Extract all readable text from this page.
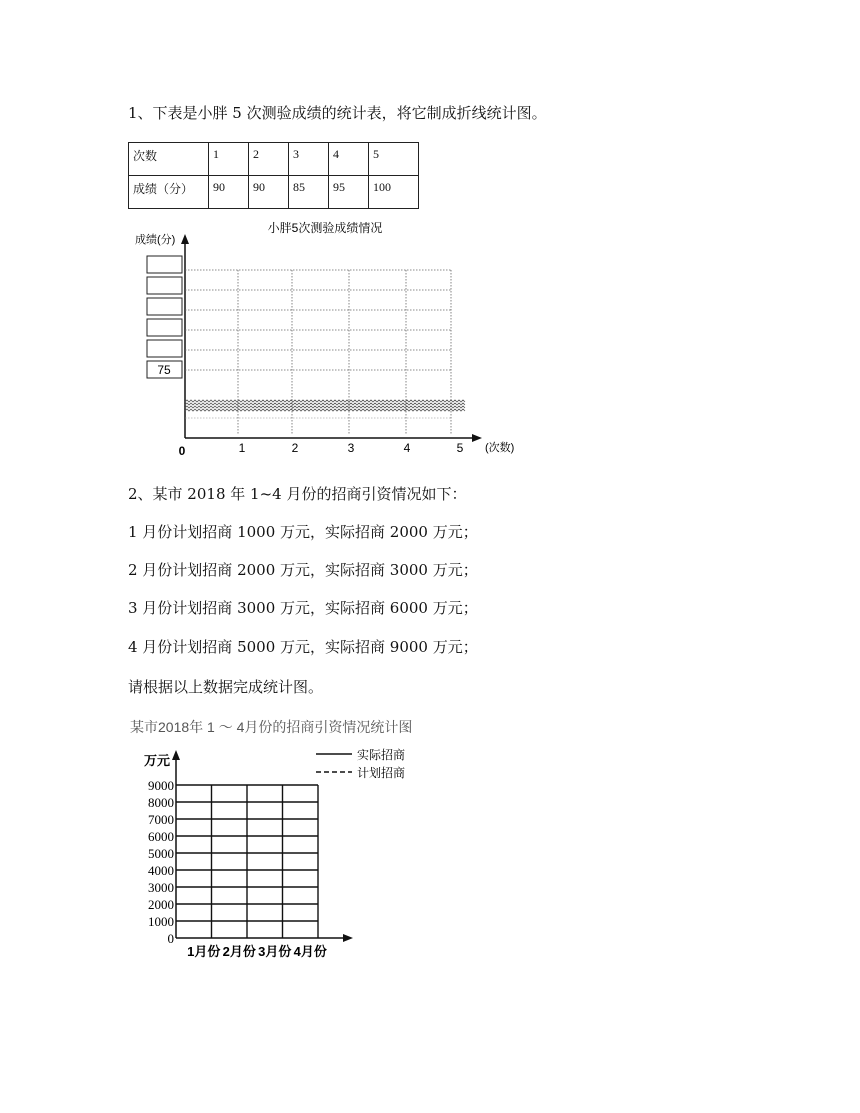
1、下表是小胖 5 次测验成绩的统计表，将它制成折线统计图。
次数	1	2	3	4	5
成绩（分）	90	90	85	95	100
小胖5次测验成绩情况
成绩(分)
(次数)
0
75
1	2	3	4	5
2、某市 2018 年 1~4 月份的招商引资情况如下：
1 月份计划招商 1000 万元，实际招商 2000 万元；
2 月份计划招商 2000 万元，实际招商 3000 万元；
3 月份计划招商 3000 万元，实际招商 6000 万元；
4 月份计划招商 5000 万元，实际招商 9000 万元；
请根据以上数据完成统计图。
某市2018年 1 ～ 4月份的招商引资情况统计图
万元
0
1000
2000
3000
4000
5000
6000
7000
8000
9000
1月份 2月份 3月份 4月份
实际招商
计划招商
